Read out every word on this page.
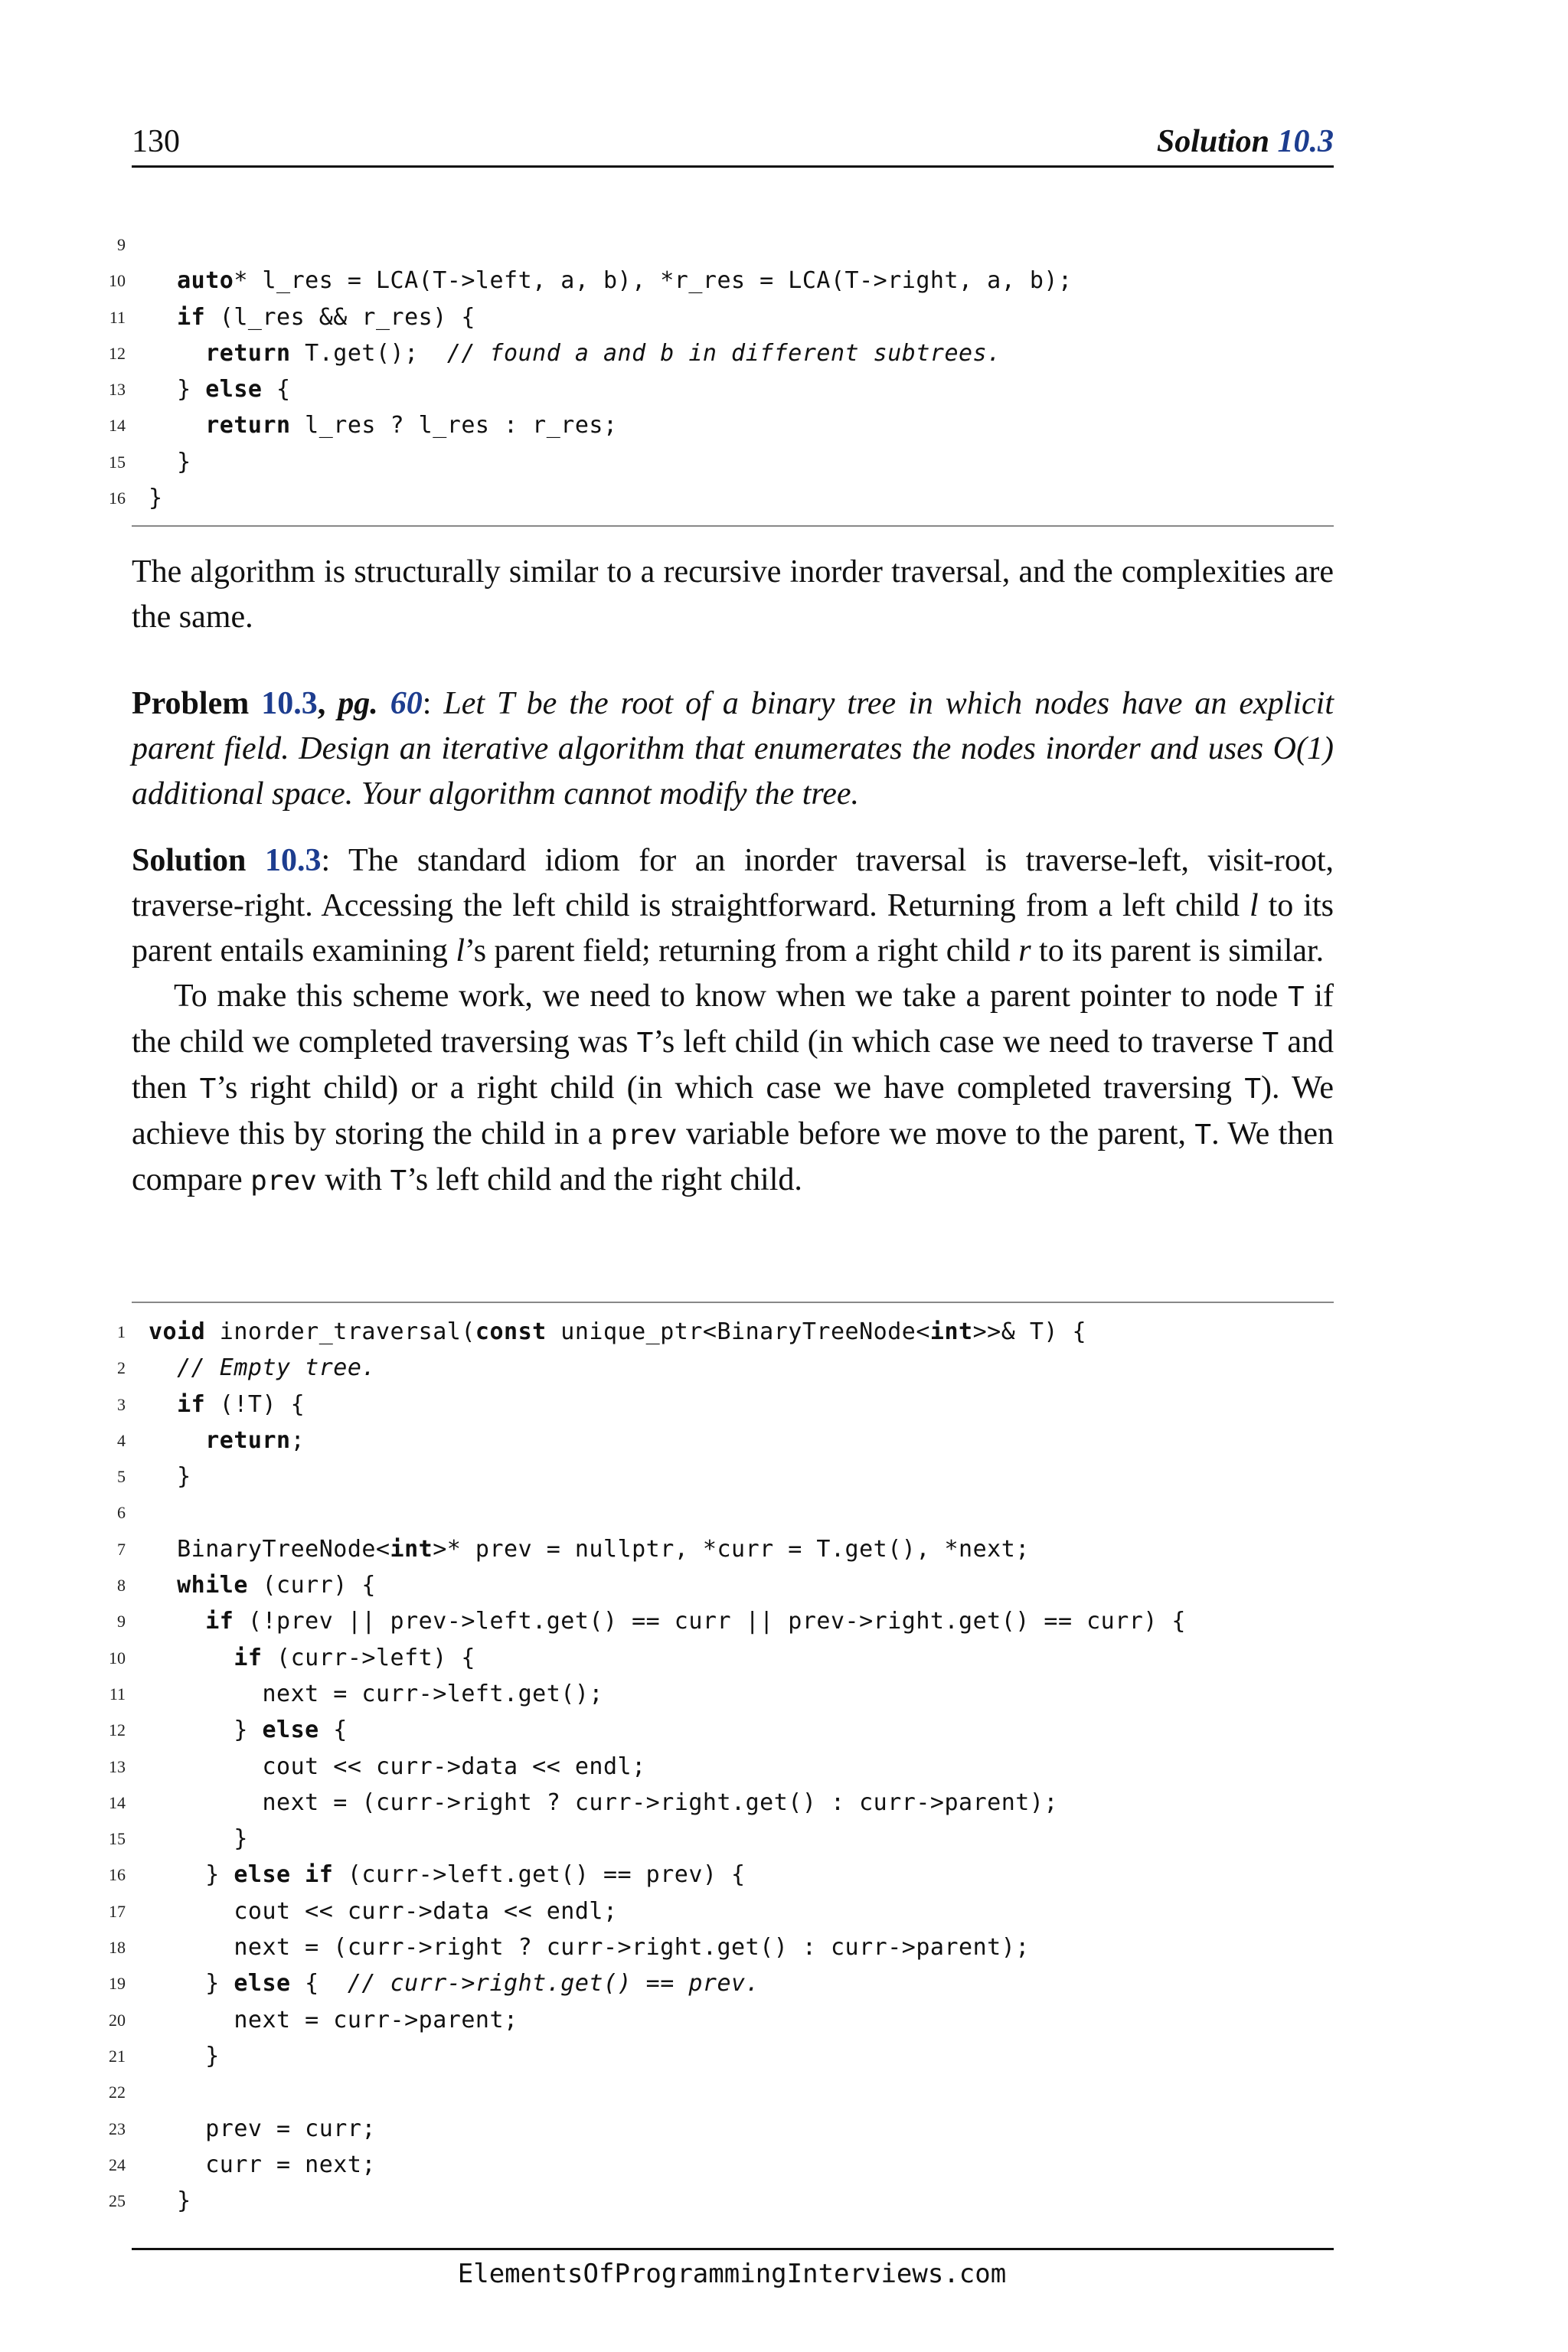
130	Solution 10.3
9
10	auto* l_res = LCA(T->left, a, b), *r_res = LCA(T->right, a, b);
11	if (l_res && r_res) {
12	return T.get();  // found a and b in different subtrees.
13	} else {
14	return l_res ? l_res : r_res;
15	}
16	}

The algorithm is structurally similar to a recursive inorder traversal, and the complexities are the same.

Problem 10.3, pg. 60: Let T be the root of a binary tree in which nodes have an explicit parent field. Design an iterative algorithm that enumerates the nodes inorder and uses O(1) additional space. Your algorithm cannot modify the tree.

Solution 10.3: The standard idiom for an inorder traversal is traverse-left, visit-root, traverse-right. Accessing the left child is straightforward. Returning from a left child l to its parent entails examining l’s parent field; returning from a right child r to its parent is similar.

To make this scheme work, we need to know when we take a parent pointer to node T if the child we completed traversing was T’s left child (in which case we need to traverse T and then T’s right child) or a right child (in which case we have completed traversing T). We achieve this by storing the child in a prev variable before we move to the parent, T. We then compare prev with T’s left child and the right child.

1	void inorder_traversal(const unique_ptr<BinaryTreeNode<int>>& T) {
2	// Empty tree.
3	if (!T) {
4	return;
5	}
6
7	BinaryTreeNode<int>* prev = nullptr, *curr = T.get(), *next;
8	while (curr) {
9	if (!prev || prev->left.get() == curr || prev->right.get() == curr) {
10	if (curr->left) {
11	next = curr->left.get();
12	} else {
13	cout << curr->data << endl;
14	next = (curr->right ? curr->right.get() : curr->parent);
15	}
16	} else if (curr->left.get() == prev) {
17	cout << curr->data << endl;
18	next = (curr->right ? curr->right.get() : curr->parent);
19	} else {  // curr->right.get() == prev.
20	next = curr->parent;
21	}
22
23	prev = curr;
24	curr = next;
25	}
ElementsOfProgrammingInterviews.com
